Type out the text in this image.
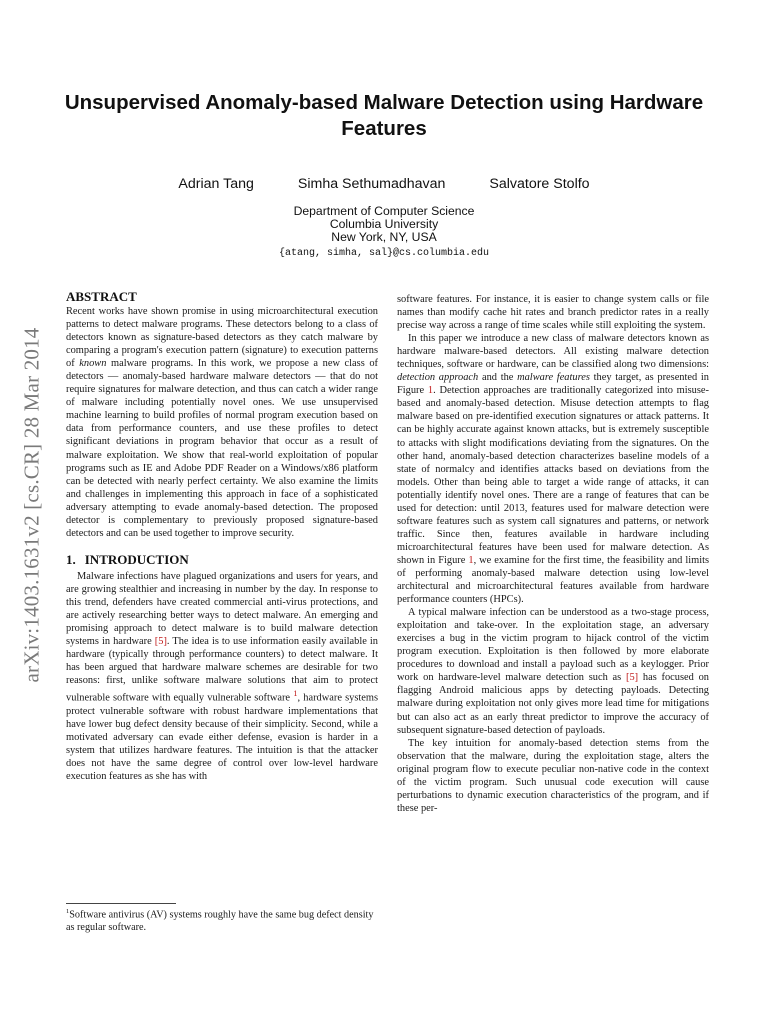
arXiv:1403.1631v2 [cs.CR] 28 Mar 2014
Unsupervised Anomaly-based Malware Detection using Hardware Features
Adrian Tang	Simha Sethumadhavan	Salvatore Stolfo
Department of Computer Science
Columbia University
New York, NY, USA
{atang, simha, sal}@cs.columbia.edu
ABSTRACT

Recent works have shown promise in using microarchitectural execution patterns to detect malware programs. These detectors belong to a class of detectors known as signature-based detectors as they catch malware by comparing a program's execution pattern (signature) to execution patterns of known malware programs. In this work, we propose a new class of detectors — anomaly-based hardware malware detectors — that do not require signatures for malware detection, and thus can catch a wider range of malware including potentially novel ones. We use unsupervised machine learning to build profiles of normal program execution based on data from performance counters, and use these profiles to detect significant deviations in program behavior that occur as a result of malware exploitation. We show that real-world exploitation of popular programs such as IE and Adobe PDF Reader on a Windows/x86 platform can be detected with nearly perfect certainty. We also examine the limits and challenges in implementing this approach in face of a sophisticated adversary attempting to evade anomaly-based detection. The proposed detector is complementary to previously proposed signature-based detectors and can be used together to improve security.

1. INTRODUCTION

Malware infections have plagued organizations and users for years, and are growing stealthier and increasing in number by the day. In response to this trend, defenders have created commercial anti-virus protections, and are actively researching better ways to detect malware. An emerging and promising approach to detect malware is to build malware detection systems in hardware [5]. The idea is to use information easily available in hardware (typically through performance counters) to detect malware. It has been argued that hardware malware schemes are desirable for two reasons: first, unlike software malware solutions that aim to protect vulnerable software with equally vulnerable software $^1$, hardware systems protect vulnerable software with robust hardware implementations that have lower bug defect density because of their simplicity. Second, while a motivated adversary can evade either defense, evasion is harder in a system that utilizes hardware features. The intuition is that the attacker does not have the same degree of control over low-level hardware execution features as she has with

$^1$Software antivirus (AV) systems roughly have the same bug defect density as regular software.

software features. For instance, it is easier to change system calls or file names than modify cache hit rates and branch predictor rates in a really precise way across a range of time scales while still exploiting the system.

In this paper we introduce a new class of malware detectors known as hardware malware-based detectors. All existing malware detection techniques, software or hardware, can be classified along two dimensions: detection approach and the malware features they target, as presented in Figure 1. Detection approaches are traditionally categorized into misuse-based and anomaly-based detection. Misuse detection attempts to flag malware based on pre-identified execution signatures or attack patterns. It can be highly accurate against known attacks, but is extremely susceptible to attacks with slight modifications deviating from the signatures. On the other hand, anomaly-based detection characterizes baseline models of a state of normalcy and identifies attacks based on deviations from the models. Other than being able to target a wide range of attacks, it can potentially identify novel ones. There are a range of features that can be used for detection: until 2013, features used for malware detection were software features such as system call signatures and patterns, or network traffic. Since then, features available in hardware including microarchitectural features have been used for malware detection. As shown in Figure 1, we examine for the first time, the feasibility and limits of performing anomaly-based malware detection using low-level architectural and microarchitectural features available from hardware performance counters (HPCs).

A typical malware infection can be understood as a two-stage process, exploitation and take-over. In the exploitation stage, an adversary exercises a bug in the victim program to hijack control of the victim program execution. Exploitation is then followed by more elaborate procedures to download and install a payload such as a keylogger. Prior work on hardware-level malware detection such as [5] has focused on flagging Android malicious apps by detecting payloads. Detecting malware during exploitation not only gives more lead time for mitigations but can also act as an early threat predictor to improve the accuracy of subsequent signature-based detection of payloads.

The key intuition for anomaly-based detection stems from the observation that the malware, during the exploitation stage, alters the original program flow to execute peculiar non-native code in the context of the victim program. Such unusual code execution will cause perturbations to dynamic execution characteristics of the program, and if these per-
